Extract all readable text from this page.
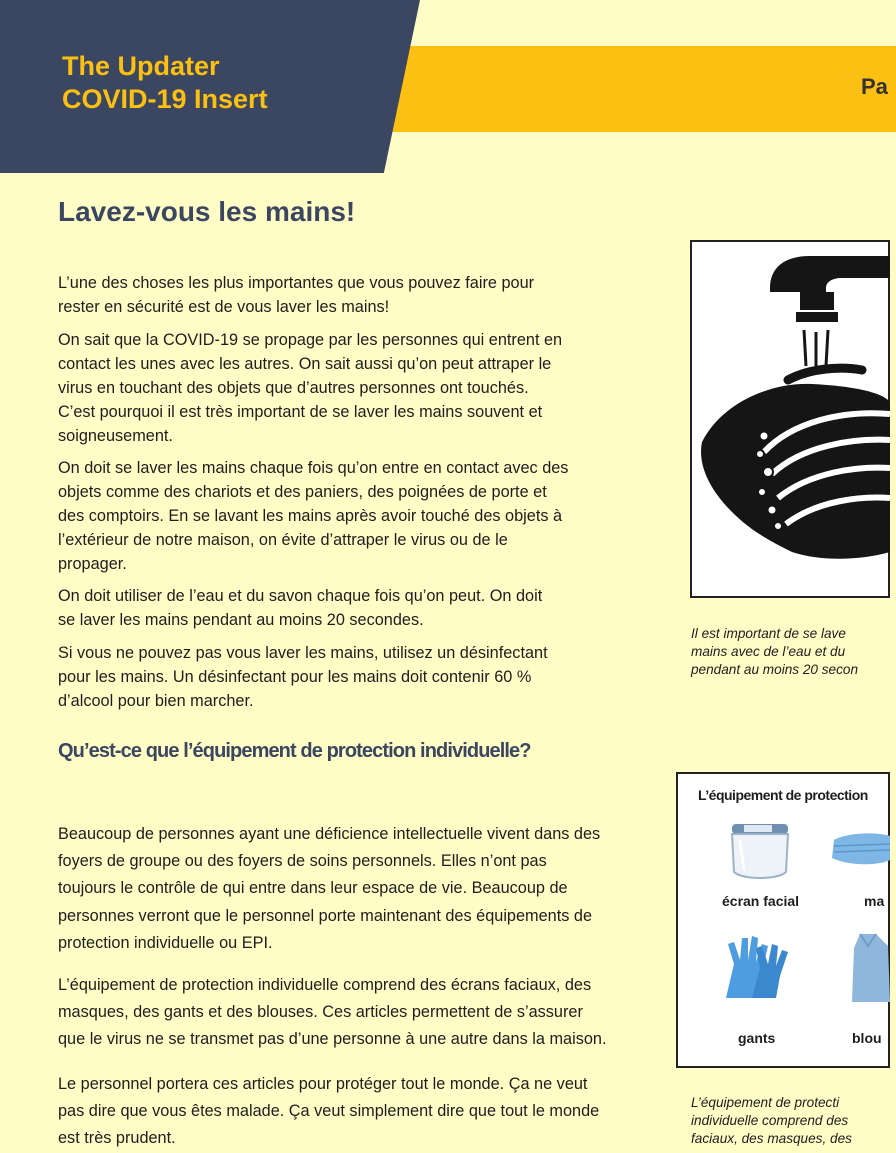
The Updater
COVID-19 Insert	Pa
Lavez-vous les mains!

L’une des choses les plus importantes que vous pouvez faire pour
rester en sécurité est de vous laver les mains!

On sait que la COVID-19 se propage par les personnes qui entrent en
contact les unes avec les autres. On sait aussi qu’on peut attraper le
virus en touchant des objets que d’autres personnes ont touchés.
C’est pourquoi il est très important de se laver les mains souvent et
soigneusement.

On doit se laver les mains chaque fois qu’on entre en contact avec des
objets comme des chariots et des paniers, des poignées de porte et
des comptoirs. En se lavant les mains après avoir touché des objets à
l’extérieur de notre maison, on évite d’attraper le virus ou de le
propager.

On doit utiliser de l’eau et du savon chaque fois qu’on peut. On doit
se laver les mains pendant au moins 20 secondes.

Si vous ne pouvez pas vous laver les mains, utilisez un désinfectant
pour les mains. Un désinfectant pour les mains doit contenir 60 %
d’alcool pour bien marcher.

Il est important de se lave
mains avec de l’eau et du
pendant au moins 20 secon

Qu’est-ce que l’équipement de protection individuelle?

Beaucoup de personnes ayant une déficience intellectuelle vivent dans des
foyers de groupe ou des foyers de soins personnels. Elles n’ont pas
toujours le contrôle de qui entre dans leur espace de vie. Beaucoup de
personnes verront que le personnel porte maintenant des équipements de
protection individuelle ou EPI.

L’équipement de protection individuelle comprend des écrans faciaux, des
masques, des gants et des blouses. Ces articles permettent de s’assurer
que le virus ne se transmet pas d’une personne à une autre dans la maison.

Le personnel portera ces articles pour protéger tout le monde. Ça ne veut
pas dire que vous êtes malade. Ça veut simplement dire que tout le monde
est très prudent.

L’équipement de protection
écran facial	ma
gants	blou

L’équipement de protecti
individuelle comprend des
faciaux, des masques, des
